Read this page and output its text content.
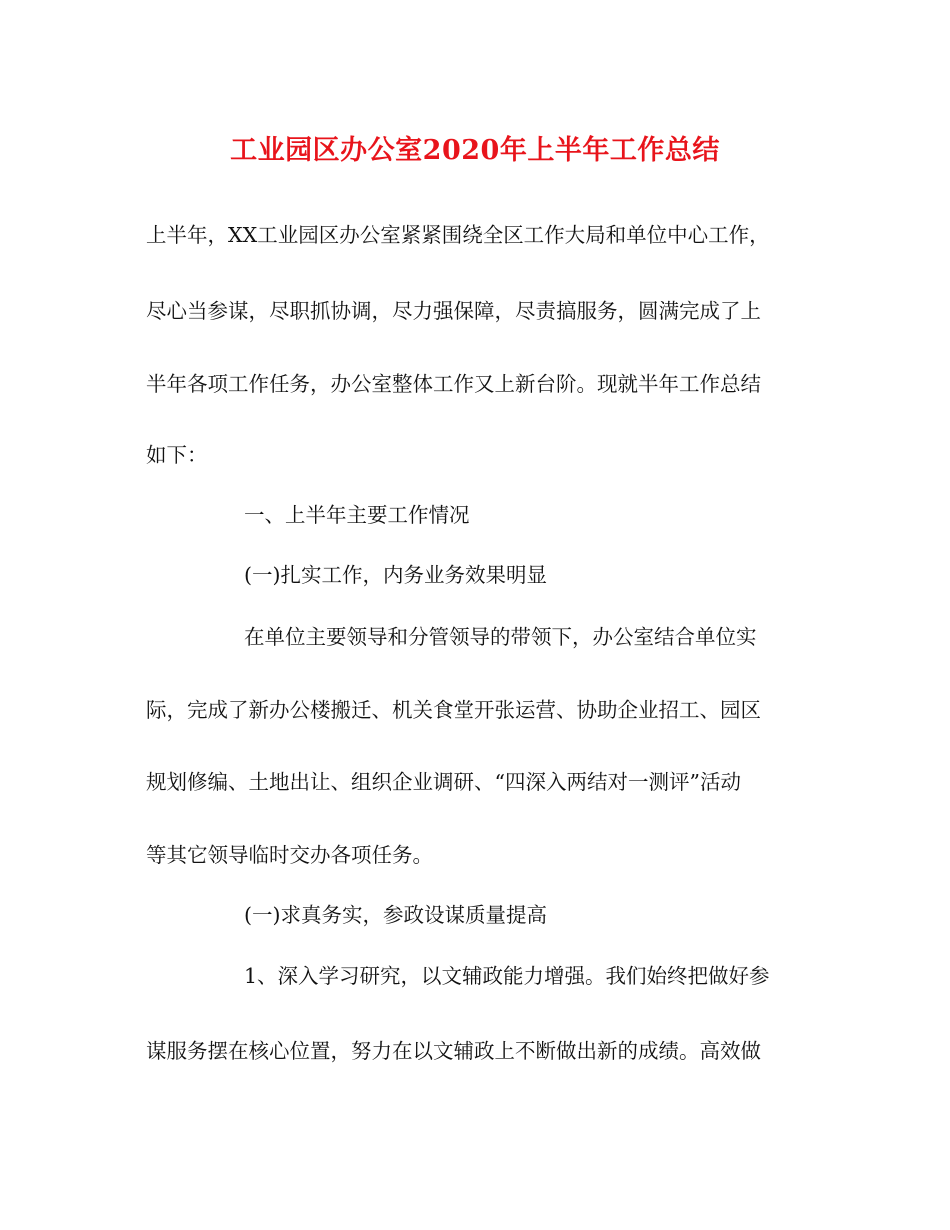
工业园区办公室2020年上半年工作总结

上半年，XX工业园区办公室紧紧围绕全区工作大局和单位中心工作，

尽心当参谋，尽职抓协调，尽力强保障，尽责搞服务，圆满完成了上

半年各项工作任务，办公室整体工作又上新台阶。现就半年工作总结

如下：

一、上半年主要工作情况

(一)扎实工作，内务业务效果明显

在单位主要领导和分管领导的带领下，办公室结合单位实

际，完成了新办公楼搬迁、机关食堂开张运营、协助企业招工、园区

规划修编、土地出让、组织企业调研、“四深入两结对一测评”活动

等其它领导临时交办各项任务。

(一)求真务实，参政设谋质量提高

1、深入学习研究，以文辅政能力增强。我们始终把做好参

谋服务摆在核心位置，努力在以文辅政上不断做出新的成绩。高效做
